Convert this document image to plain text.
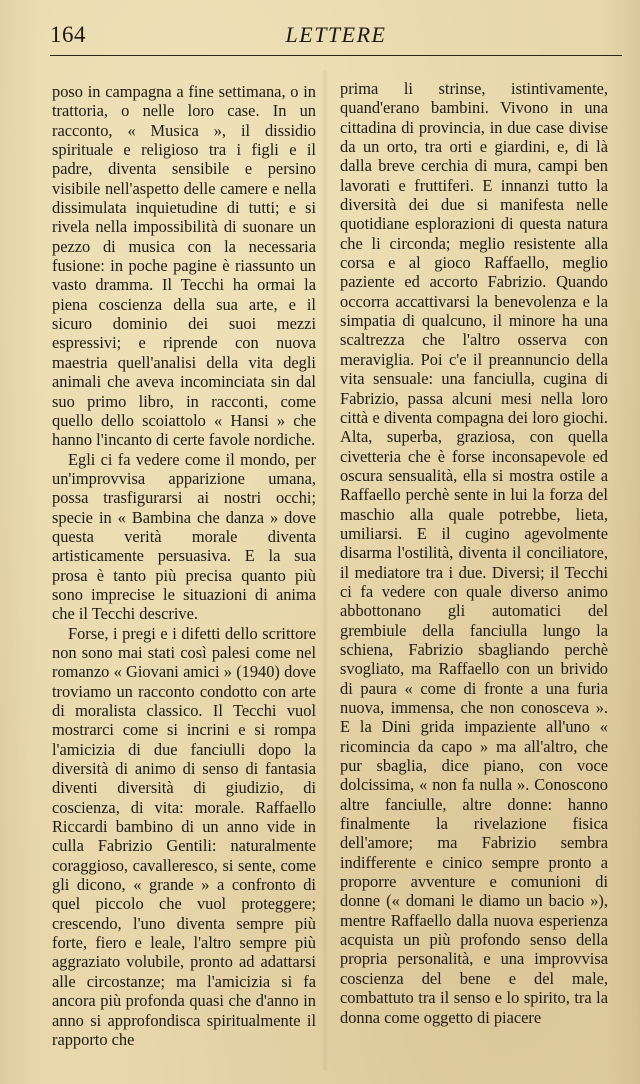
164	LETTERE

poso in campagna a fine settimana, o in trattoria, o nelle loro case. In un racconto, « Musica », il dissidio spirituale e religioso tra i figli e il padre, diventa sensibile e persino visibile nell'aspetto delle camere e nella dissimulata inquietudine di tutti; e si rivela nella impossibilità di suonare un pezzo di musica con la necessaria fusione: in poche pagine è riassunto un vasto dramma. Il Tecchi ha ormai la piena coscienza della sua arte, e il sicuro dominio dei suoi mezzi espressivi; e riprende con nuova maestria quell'analisi della vita degli animali che aveva incominciata sin dal suo primo libro, in racconti, come quello dello scoiattolo « Hansi » che hanno l'incanto di certe favole nordiche.

Egli ci fa vedere come il mondo, per un'improvvisa apparizione umana, possa trasfigurarsi ai nostri occhi; specie in « Bambina che danza » dove questa verità morale diventa artisticamente persuasiva. E la sua prosa è tanto più precisa quanto più sono imprecise le situazioni di anima che il Tecchi descrive.

Forse, i pregi e i difetti dello scrittore non sono mai stati così palesi come nel romanzo « Giovani amici » (1940) dove troviamo un racconto condotto con arte di moralista classico. Il Tecchi vuol mostrarci come si incrini e si rompa l'amicizia di due fanciulli dopo la diversità di animo di senso di fantasia diventi diversità di giudizio, di coscienza, di vita: morale. Raffaello Riccardi bambino di un anno vide in culla Fabrizio Gentili: naturalmente coraggioso, cavalleresco, si sente, come gli dicono, « grande » a confronto di quel piccolo che vuol proteggere; crescendo, l'uno diventa sempre più forte, fiero e leale, l'altro sempre più aggraziato volubile, pronto ad adattarsi alle circostanze; ma l'amicizia si fa ancora più profonda quasi che d'anno in anno si approfondisca spiritualmente il rapporto che

prima li strinse, istintivamente, quand'erano bambini. Vivono in una cittadina di provincia, in due case divise da un orto, tra orti e giardini, e, di là dalla breve cerchia di mura, campi ben lavorati e fruttiferi. E innanzi tutto la diversità dei due si manifesta nelle quotidiane esplorazioni di questa natura che li circonda; meglio resistente alla corsa e al gioco Raffaello, meglio paziente ed accorto Fabrizio. Quando occorra accattivarsi la benevolenza e la simpatia di qualcuno, il minore ha una scaltrezza che l'altro osserva con meraviglia. Poi c'e il preannuncio della vita sensuale: una fanciulla, cugina di Fabrizio, passa alcuni mesi nella loro città e diventa compagna dei loro giochi. Alta, superba, graziosa, con quella civetteria che è forse inconsapevole ed oscura sensualità, ella si mostra ostile a Raffaello perchè sente in lui la forza del maschio alla quale potrebbe, lieta, umiliarsi. E il cugino agevolmente disarma l'ostilità, diventa il conciliatore, il mediatore tra i due. Diversi; il Tecchi ci fa vedere con quale diverso animo abbottonano gli automatici del grembiule della fanciulla lungo la schiena, Fabrizio sbagliando perchè svogliato, ma Raffaello con un brivido di paura « come di fronte a una furia nuova, immensa, che non conosceva ». E la Dini grida impaziente all'uno « ricomincia da capo » ma all'altro, che pur sbaglia, dice piano, con voce dolcissima, « non fa nulla ». Conoscono altre fanciulle, altre donne: hanno finalmente la rivelazione fisica dell'amore; ma Fabrizio sembra indifferente e cinico sempre pronto a proporre avventure e comunioni di donne (« domani le diamo un bacio »), mentre Raffaello dalla nuova esperienza acquista un più profondo senso della propria personalità, e una improvvisa coscienza del bene e del male, combattuto tra il senso e lo spirito, tra la donna come oggetto di piacere
